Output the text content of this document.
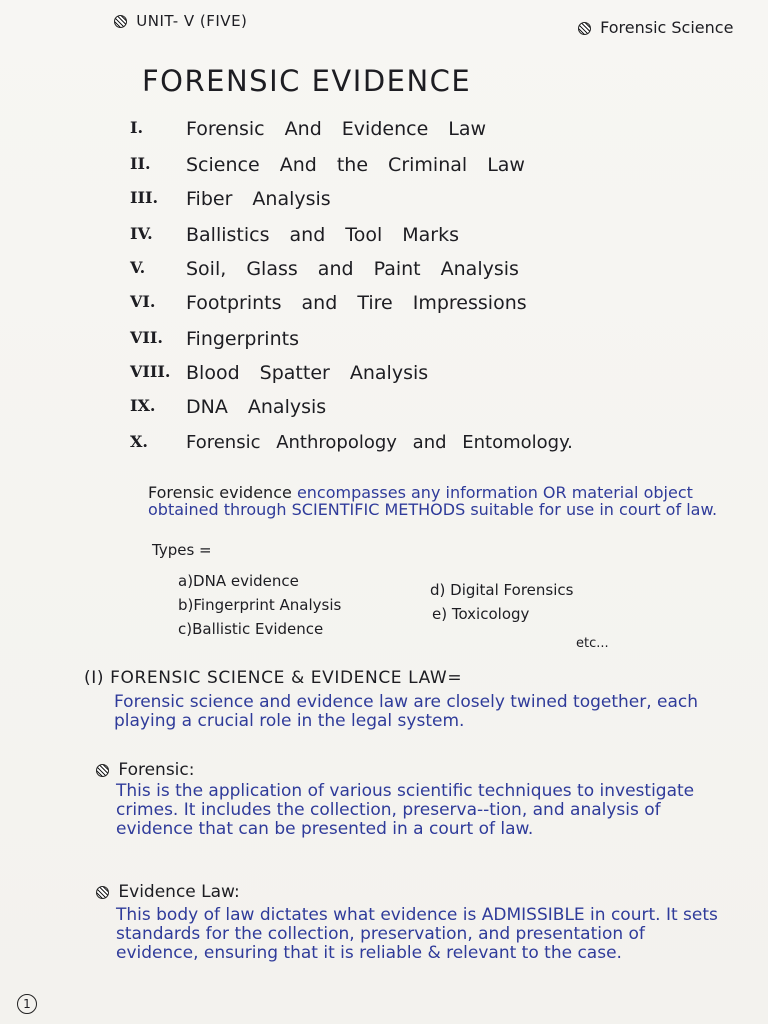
UNIT- V (FIVE)	Forensic Science
FORENSIC EVIDENCE
I. Forensic And Evidence Law
II. Science And the Criminal Law
III. Fiber Analysis
IV. Ballistics and Tool Marks
V. Soil, Glass and Paint Analysis
VI. Footprints and Tire Impressions
VII. Fingerprints
VIII. Blood Spatter Analysis
IX. DNA Analysis
X. Forensic Anthropology and Entomology.
Forensic evidence encompasses any information OR material object obtained through SCIENTIFIC METHODS suitable for use in court of law.
Types =
a)DNA evidence
b)Fingerprint Analysis
c)Ballistic Evidence
d) Digital Forensics
e) Toxicology
etc...
(I) FORENSIC SCIENCE & EVIDENCE LAW=
Forensic science and evidence law are closely twined together, each playing a crucial role in the legal system.
Forensic:
This is the application of various scientific techniques to investigate crimes. It includes the collection, preserva--tion, and analysis of evidence that can be presented in a court of law.
Evidence Law:
This body of law dictates what evidence is ADMISSIBLE in court. It sets standards for the collection, preservation, and presentation of evidence, ensuring that it is reliable & relevant to the case.
1
